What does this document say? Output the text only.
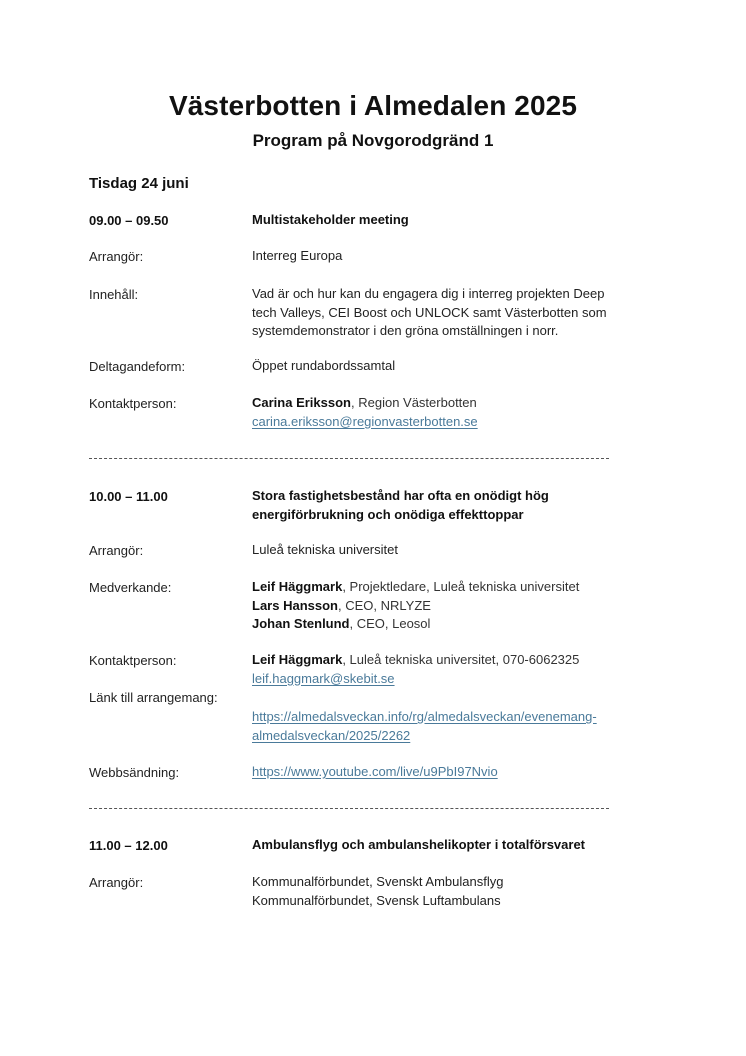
Västerbotten i Almedalen 2025
Program på Novgorodgränd 1
Tisdag 24 juni
09.00 – 09.50	Multistakeholder meeting
Arrangör:	Interreg Europa
Innehåll:	Vad är och hur kan du engagera dig i interreg projekten Deep
tech Valleys, CEI Boost och UNLOCK samt Västerbotten som
systemdemonstrator i den gröna omställningen i norr.
Deltagandeform:	Öppet rundabordssamtal
Kontaktperson:	Carina Eriksson, Region Västerbotten
carina.eriksson@regionvasterbotten.se
10.00 – 11.00	Stora fastighetsbestånd har ofta en onödigt hög
energiförbrukning och onödiga effekttoppar
Arrangör:	Luleå tekniska universitet
Medverkande:	Leif Häggmark, Projektledare, Luleå tekniska universitet
Lars Hansson, CEO, NRLYZE
Johan Stenlund, CEO, Leosol
Kontaktperson:	Leif Häggmark, Luleå tekniska universitet, 070-6062325
leif.haggmark@skebit.se
Länk till arrangemang:
https://almedalsveckan.info/rg/almedalsveckan/evenemang-
almedalsveckan/2025/2262
Webbsändning:	https://www.youtube.com/live/u9PbI97Nvio
11.00 – 12.00	Ambulansflyg och ambulanshelikopter i totalförsvaret
Arrangör:	Kommunalförbundet, Svenskt Ambulansflyg
Kommunalförbundet, Svensk Luftambulans
